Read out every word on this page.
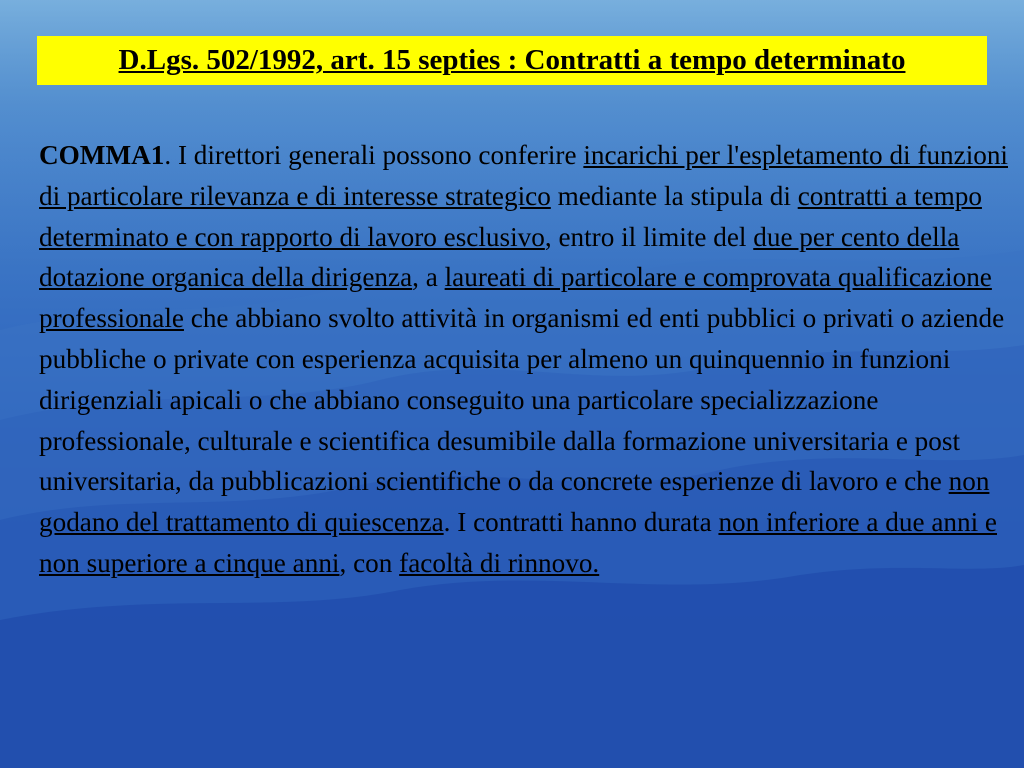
D.Lgs. 502/1992, art. 15 septies : Contratti a tempo determinato
COMMA1. I direttori generali possono conferire incarichi per l'espletamento di funzioni di particolare rilevanza e di interesse strategico mediante la stipula di contratti a tempo determinato e con rapporto di lavoro esclusivo, entro il limite del due per cento della dotazione organica della dirigenza, a laureati di particolare e comprovata qualificazione professionale che abbiano svolto attività in organismi ed enti pubblici o privati o aziende pubbliche o private con esperienza acquisita per almeno un quinquennio in funzioni dirigenziali apicali o che abbiano conseguito una particolare specializzazione professionale, culturale e scientifica desumibile dalla formazione universitaria e post universitaria, da pubblicazioni scientifiche o da concrete esperienze di lavoro e che non godano del trattamento di quiescenza. I contratti hanno durata non inferiore a due anni e non superiore a cinque anni, con facoltà di rinnovo.
